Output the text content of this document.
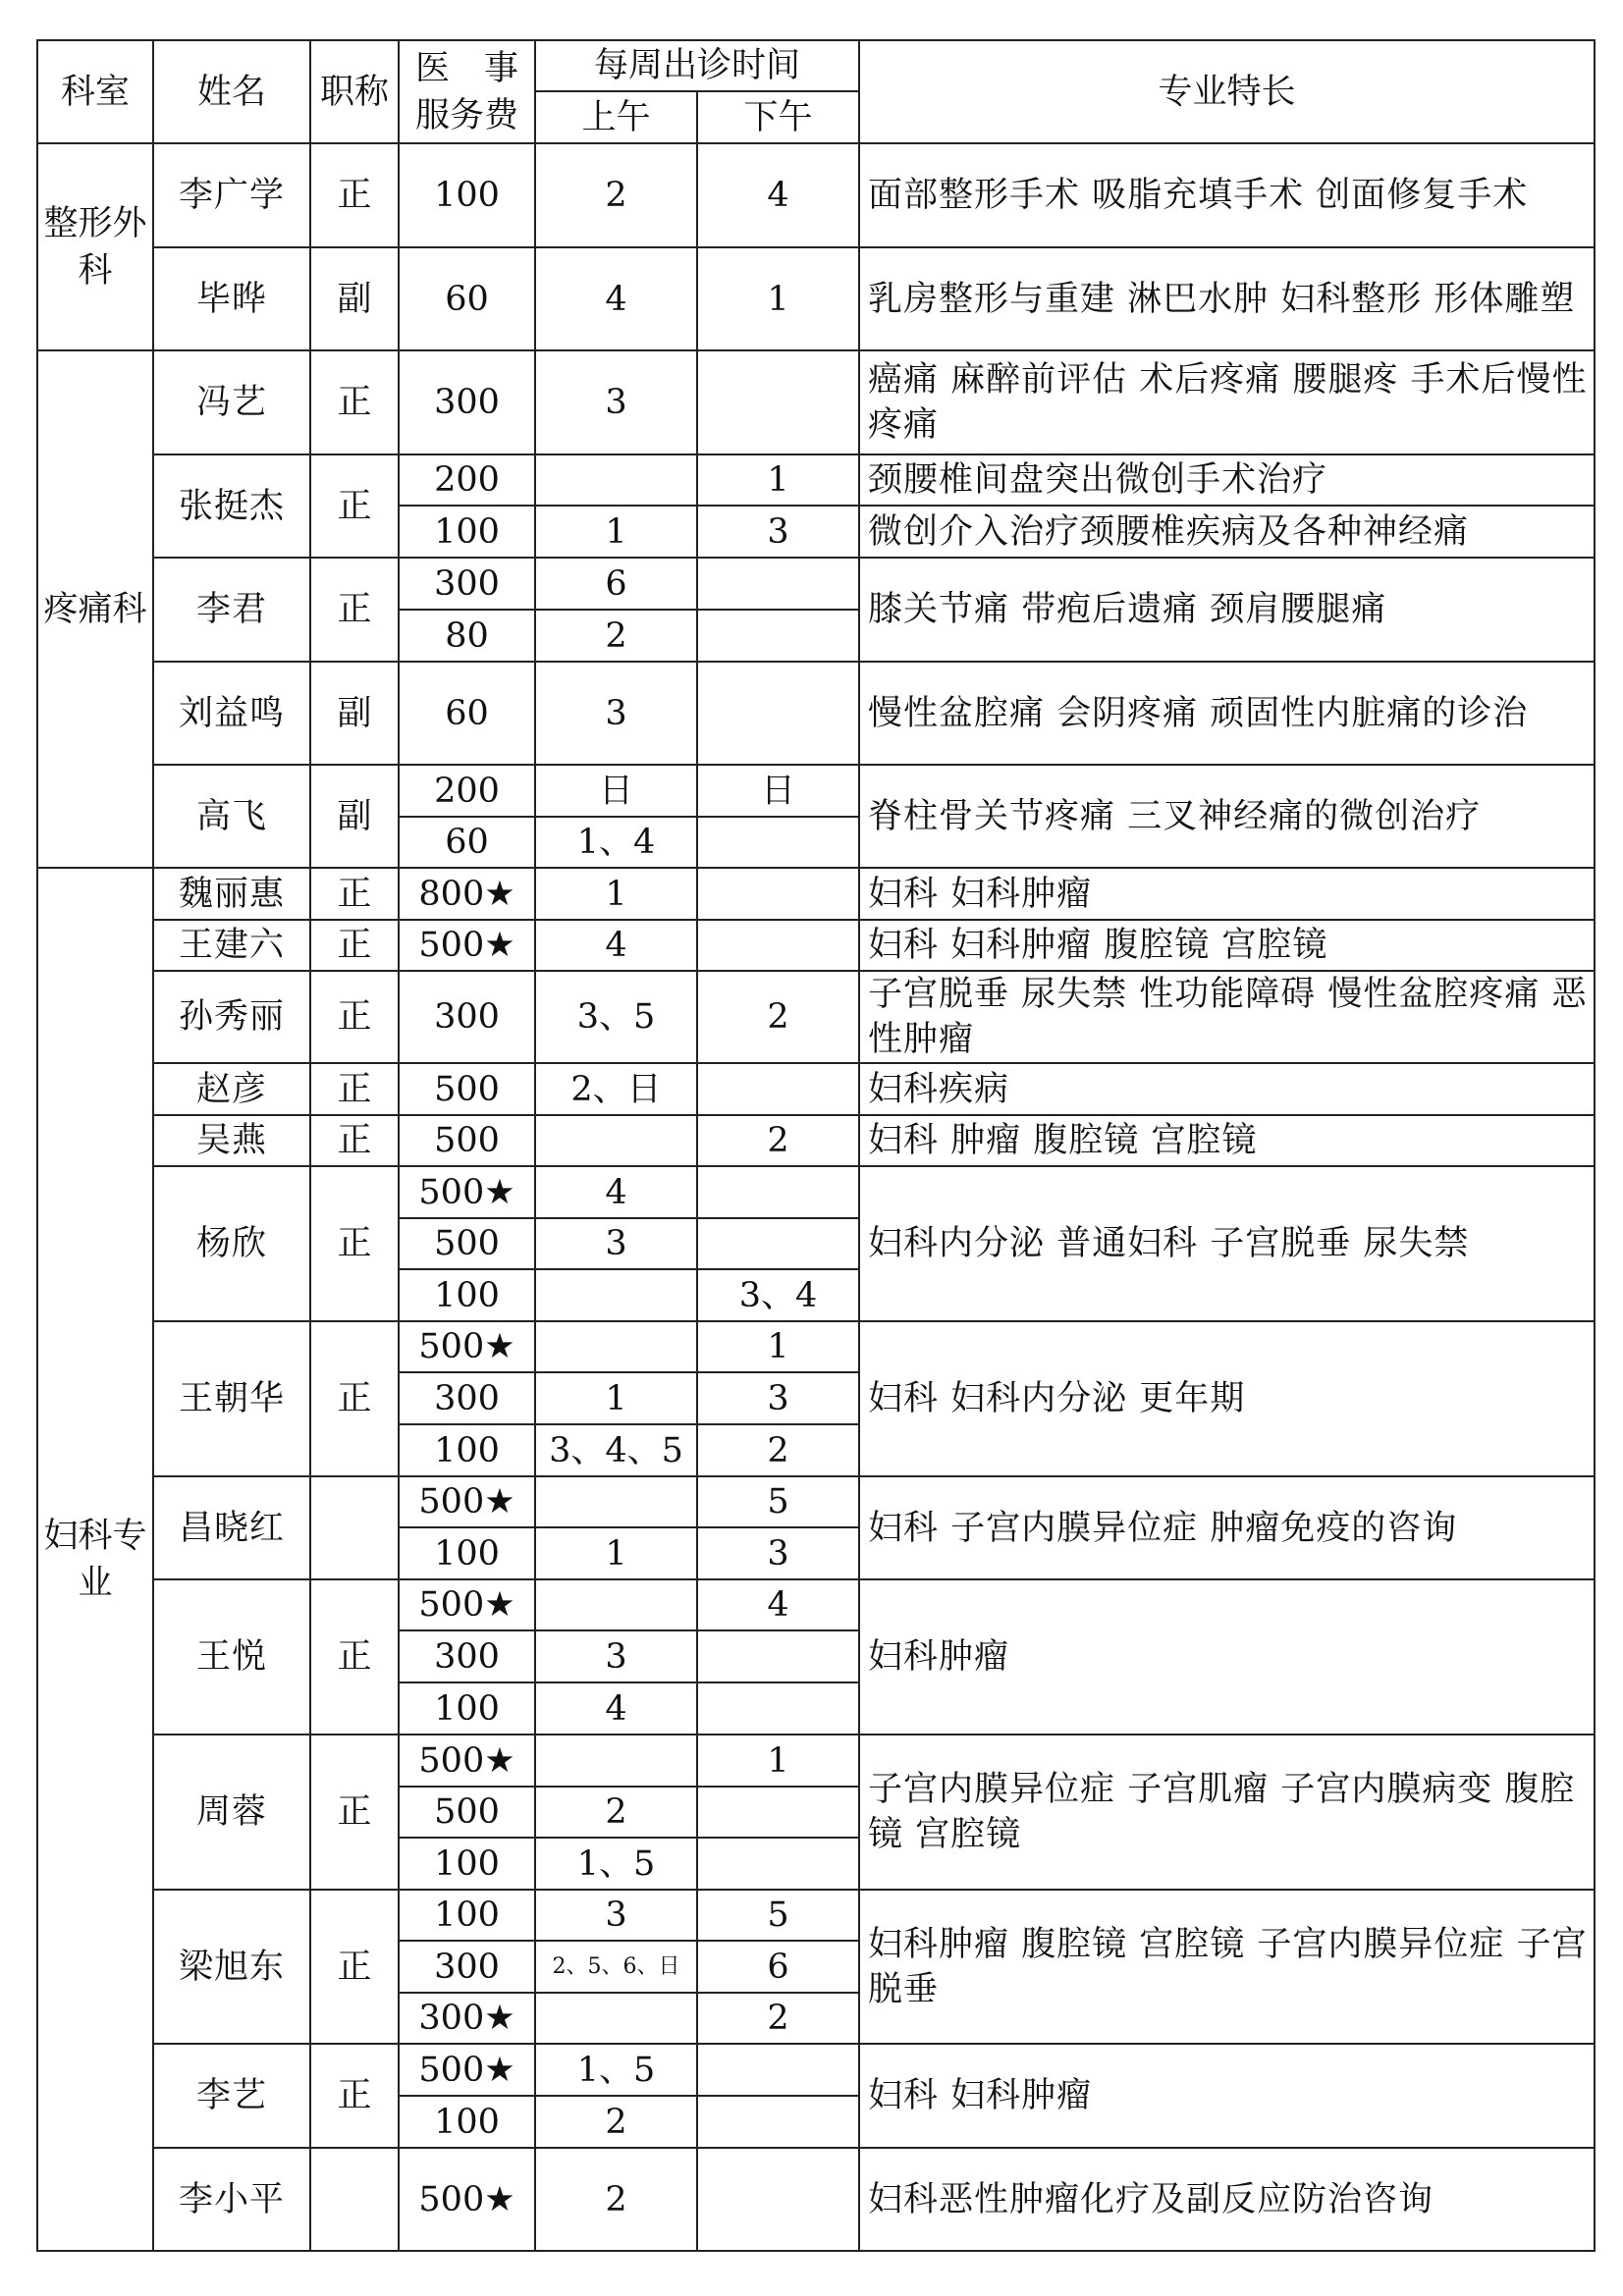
科室	姓名	职称	医　事
服务费	每周出诊时间		专业特长
				上午	下午	
整形外科	李广学	正	100	2	4	面部整形手术 吸脂充填手术 创面修复手术
	毕晔	副	60	4	1	乳房整形与重建 淋巴水肿 妇科整形 形体雕塑
疼痛科	冯艺	正	300	3		癌痛 麻醉前评估 术后疼痛 腰腿疼 手术后慢性疼痛
	张挺杰	正	200		1	颈腰椎间盘突出微创手术治疗
			100	1	3	微创介入治疗颈腰椎疾病及各种神经痛
	李君	正	300	6		膝关节痛 带疱后遗痛 颈肩腰腿痛
			80	2		
	刘益鸣	副	60	3		慢性盆腔痛 会阴疼痛 顽固性内脏痛的诊治
	高飞	副	200	日	日	脊柱骨关节疼痛 三叉神经痛的微创治疗
			60	1、4		
妇科专业	魏丽惠	正	800★	1		妇科 妇科肿瘤
	王建六	正	500★	4		妇科 妇科肿瘤 腹腔镜 宫腔镜
	孙秀丽	正	300	3、5	2	子宫脱垂 尿失禁 性功能障碍 慢性盆腔疼痛 恶性肿瘤
	赵彦	正	500	2、日		妇科疾病
	吴燕	正	500		2	妇科 肿瘤 腹腔镜 宫腔镜
	杨欣	正	500★	4		妇科内分泌 普通妇科 子宫脱垂 尿失禁
			500	3		
			100		3、4	
	王朝华	正	500★		1	妇科 妇科内分泌 更年期
			300	1	3	
			100	3、4、5	2	
	昌晓红		500★		5	妇科 子宫内膜异位症 肿瘤免疫的咨询
			100	1	3	
	王悦	正	500★		4	妇科肿瘤
			300	3		
			100	4		
	周蓉	正	500★		1	子宫内膜异位症 子宫肌瘤 子宫内膜病变 腹腔镜 宫腔镜
			500	2		
			100	1、5		
	梁旭东	正	100	3	5	妇科肿瘤 腹腔镜 宫腔镜 子宫内膜异位症 子宫脱垂
			300	2、5、6、日	6	
			300★		2	
	李艺	正	500★	1、5		妇科 妇科肿瘤
			100	2		
	李小平		500★	2		妇科恶性肿瘤化疗及副反应防治咨询
